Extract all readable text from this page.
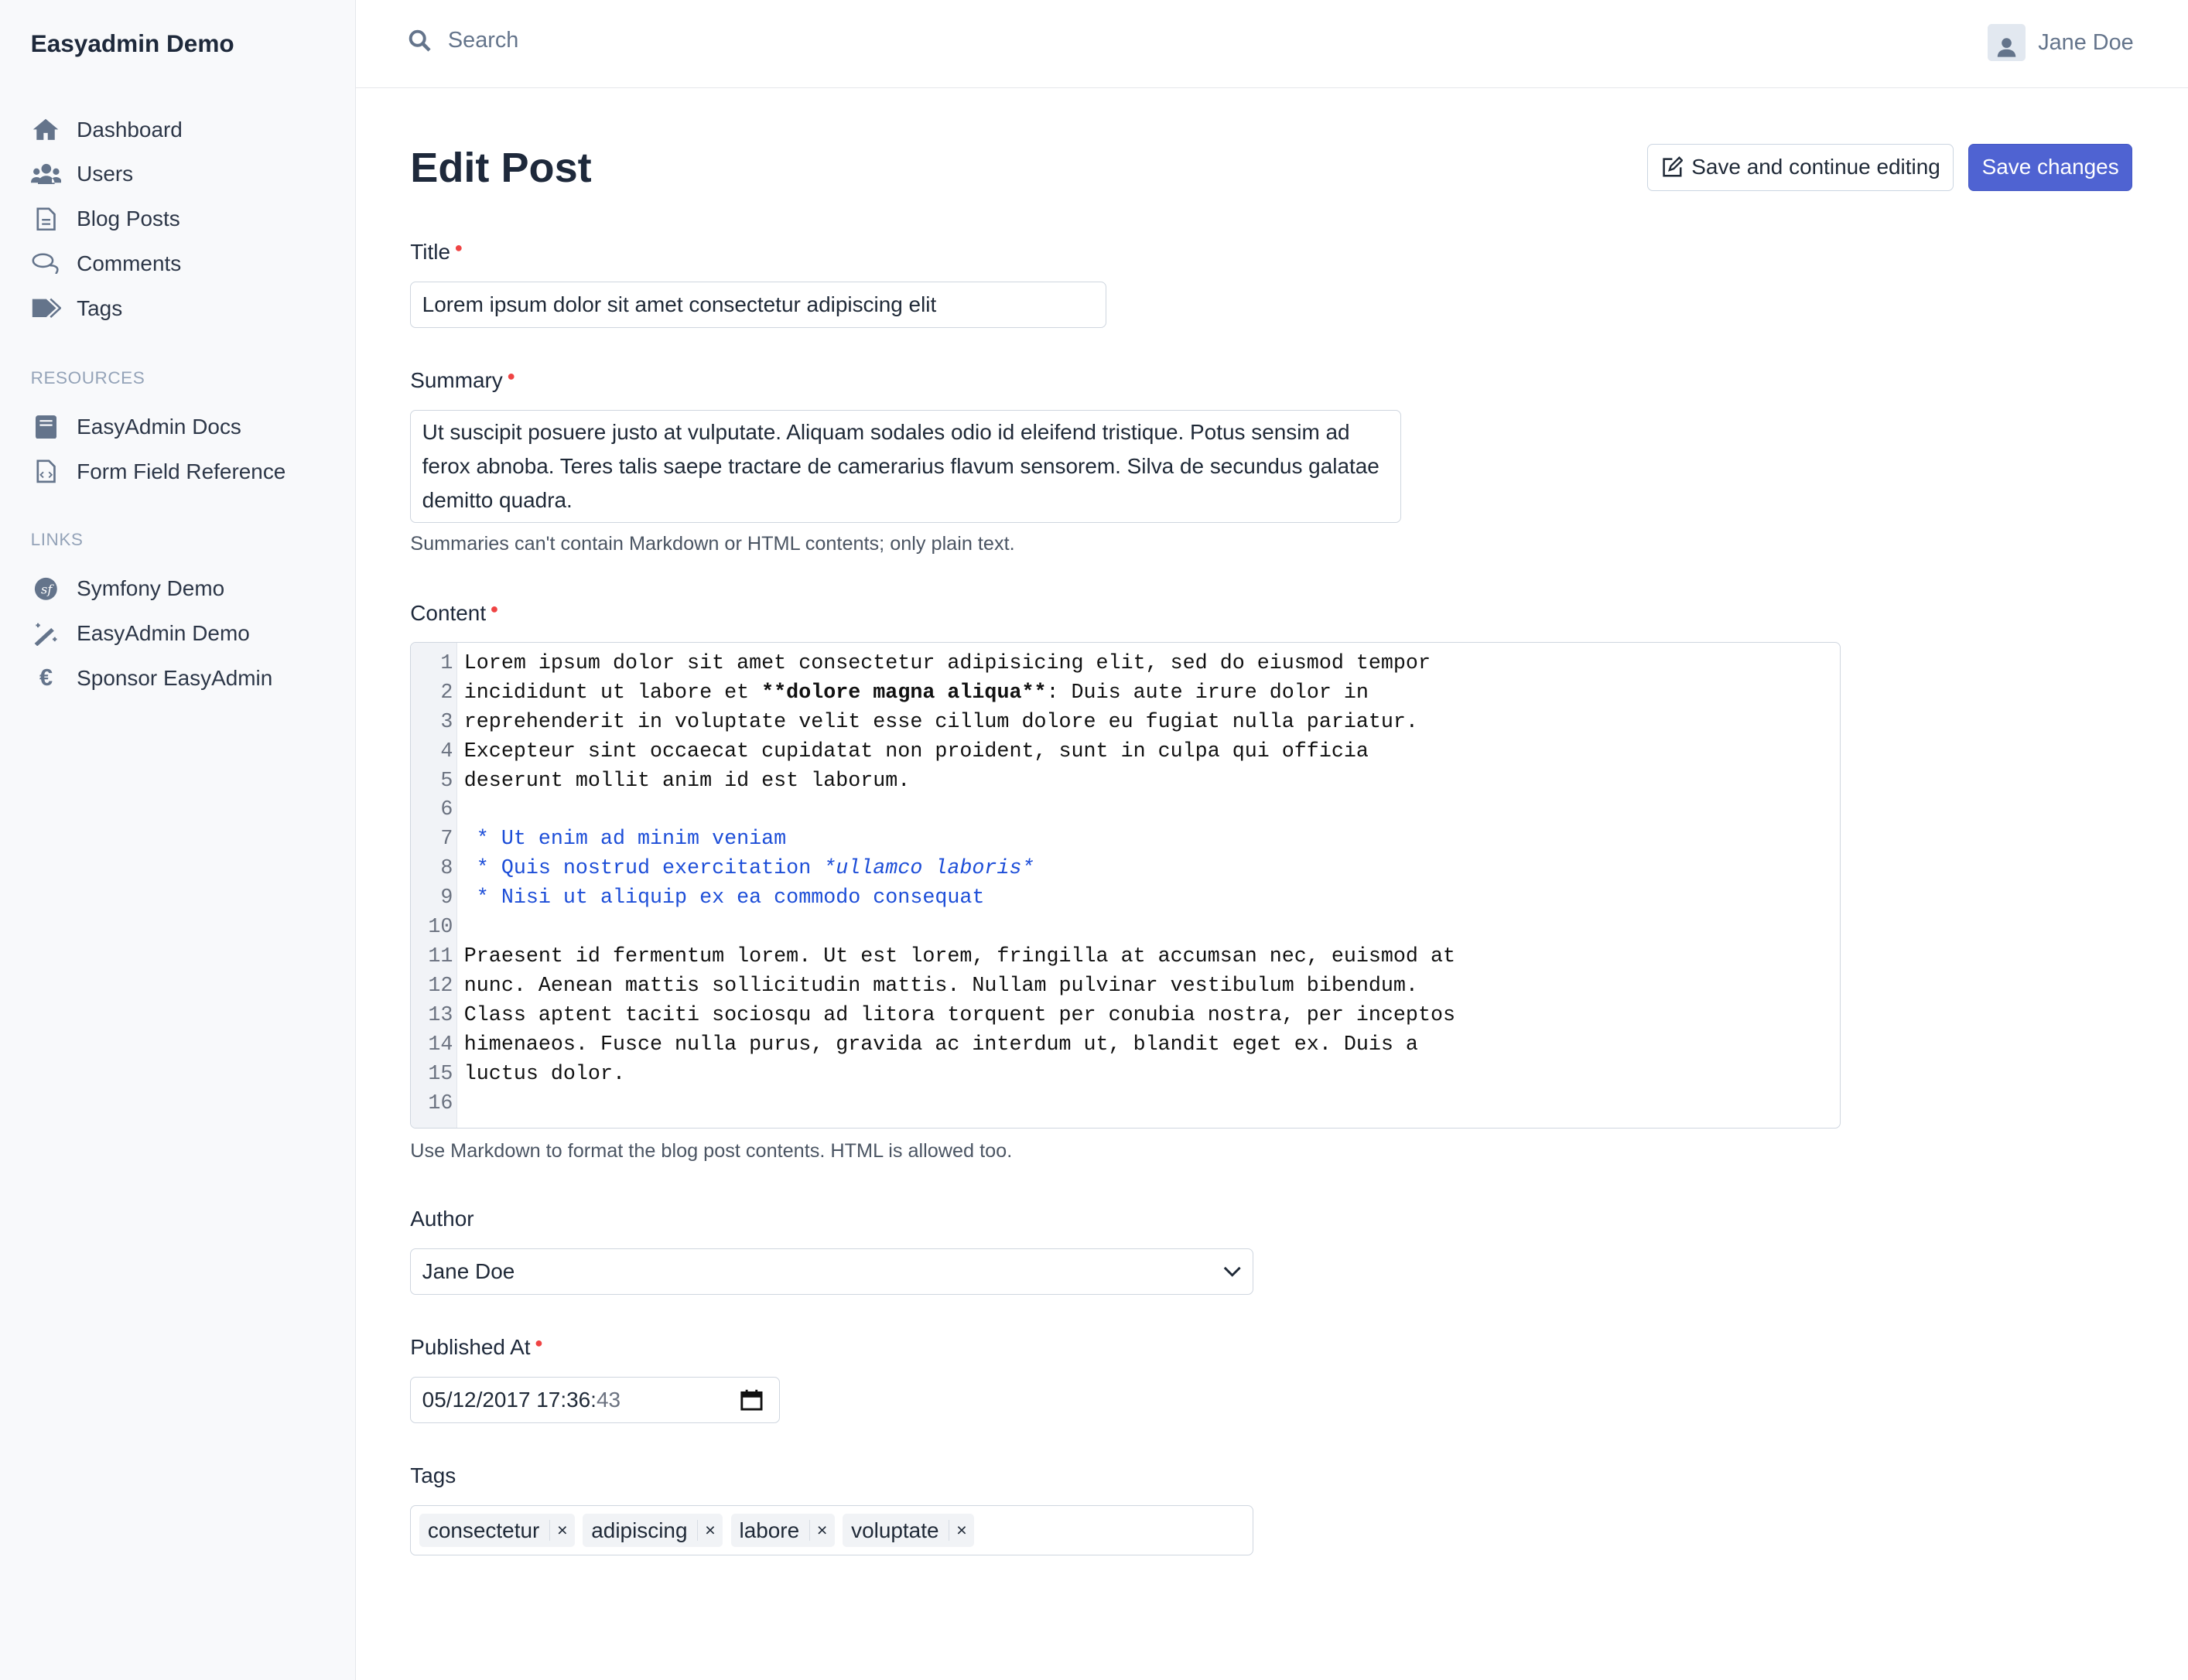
Easyadmin Demo
Dashboard
Users
Blog Posts
Comments
Tags
RESOURCES
EasyAdmin Docs
Form Field Reference
LINKS
sf Symfony Demo
EasyAdmin Demo
€	Sponsor EasyAdmin
Search	Jane Doe
Edit Post	Save and continue editing	Save changes
Title ●
Lorem ipsum dolor sit amet consectetur adipiscing elit
Summary ●
Ut suscipit posuere justo at vulputate. Aliquam sodales odio id eleifend tristique. Potus sensim ad ferox abnoba. Teres talis saepe tractare de camerarius flavum sensorem. Silva de secundus galatae demitto quadra.
Summaries can't contain Markdown or HTML contents; only plain text.
Content ●
1 Lorem ipsum dolor sit amet consectetur adipisicing elit, sed do eiusmod tempor
2 incididunt ut labore et **dolore magna aliqua**: Duis aute irure dolor in
3 reprehenderit in voluptate velit esse cillum dolore eu fugiat nulla pariatur.
4 Excepteur sint occaecat cupidatat non proident, sunt in culpa qui officia
5 deserunt mollit anim id est laborum.
6
7 * Ut enim ad minim veniam
8 * Quis nostrud exercitation *ullamco laboris*
9 * Nisi ut aliquip ex ea commodo consequat
10
11 Praesent id fermentum lorem. Ut est lorem, fringilla at accumsan nec, euismod at
12 nunc. Aenean mattis sollicitudin mattis. Nullam pulvinar vestibulum bibendum.
13 Class aptent taciti sociosqu ad litora torquent per conubia nostra, per inceptos
14 himenaeos. Fusce nulla purus, gravida ac interdum ut, blandit eget ex. Duis a
15 luctus dolor.
16
Use Markdown to format the blog post contents. HTML is allowed too.
Author
Jane Doe
Published At ●
05/12/2017 17:36:43
Tags
consectetur	×	adipiscing	×	labore	×	voluptate	×
